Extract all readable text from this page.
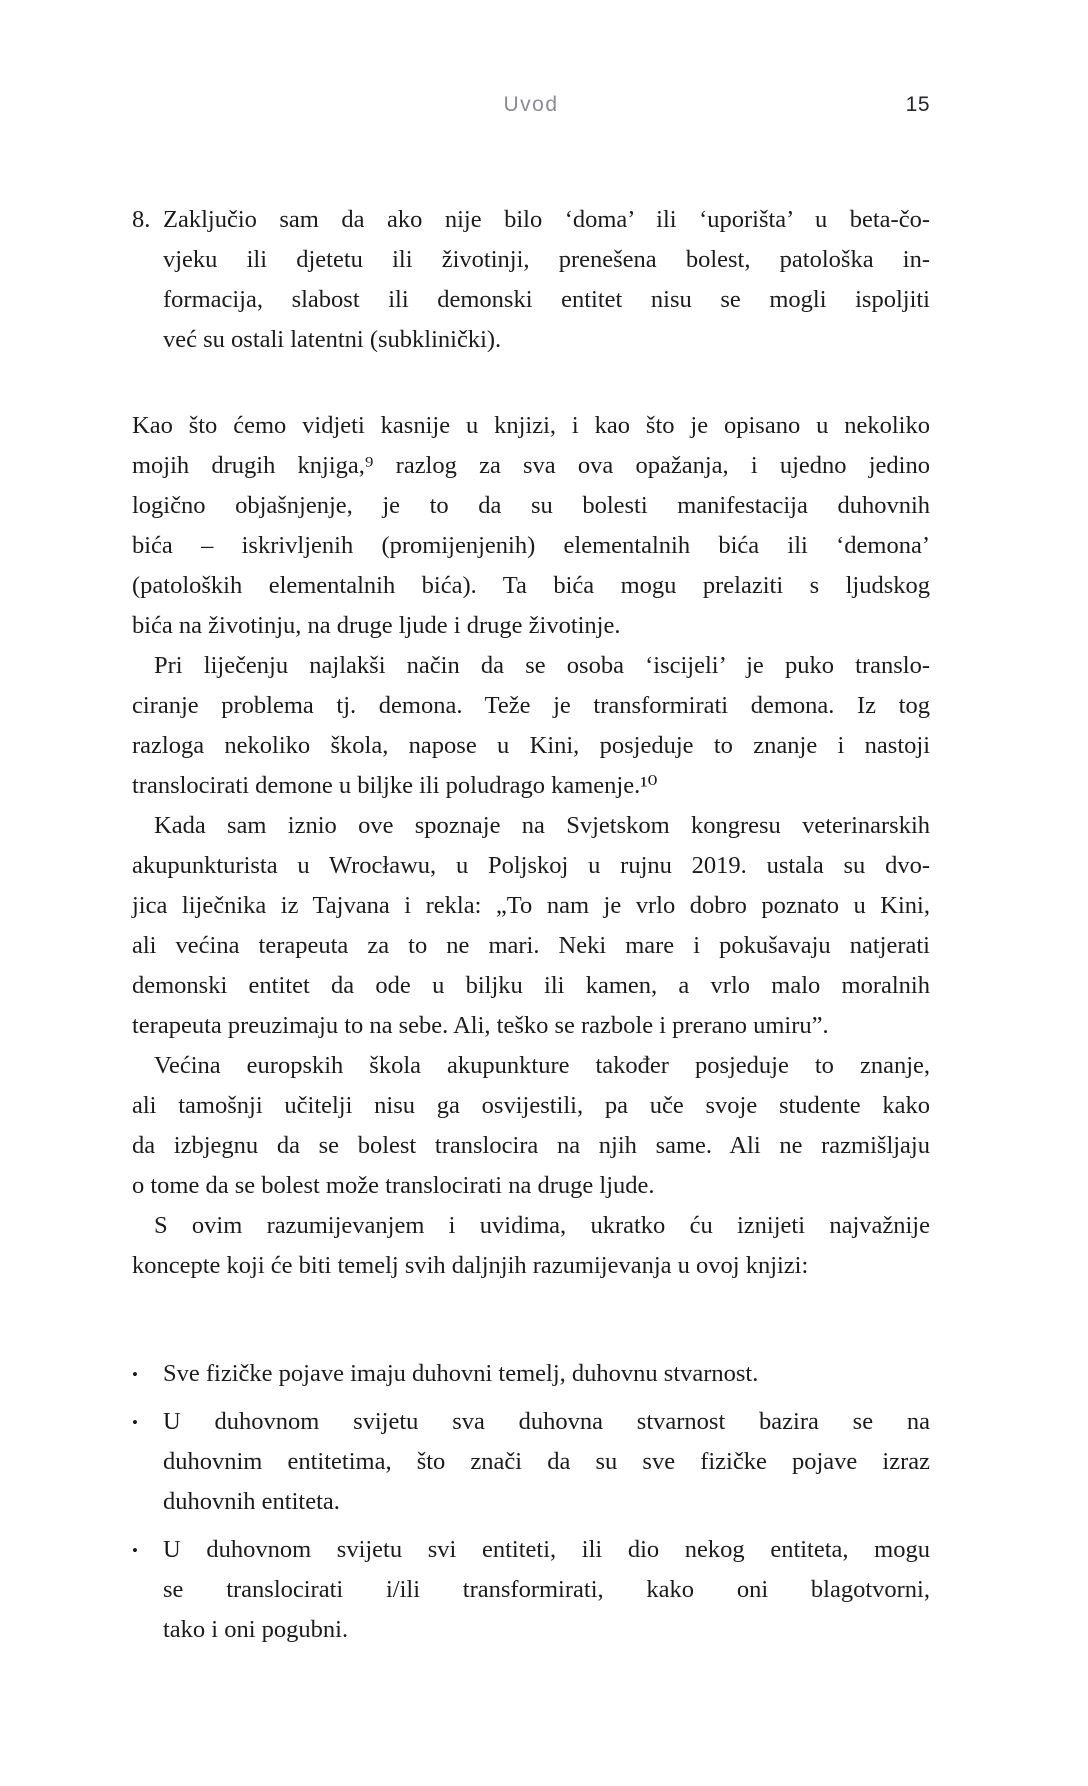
Uvod	15
8. Zaključio sam da ako nije bilo ‘doma’ ili ‘uporišta’ u beta-čo-
vjeku ili djetetu ili životinji, prenešena bolest, patološka in-
formacija, slabost ili demonski entitet nisu se mogli ispoljiti
već su ostali latentni (subklinički).
Kao što ćemo vidjeti kasnije u knjizi, i kao što je opisano u nekoliko
mojih drugih knjiga,⁹ razlog za sva ova opažanja, i ujedno jedino
logično objašnjenje, je to da su bolesti manifestacija duhovnih
bića – iskrivljenih (promijenjenih) elementalnih bića ili ‘demona’
(patoloških elementalnih bića). Ta bića mogu prelaziti s ljudskog
bića na životinju, na druge ljude i druge životinje.
Pri liječenju najlakši način da se osoba ‘iscijeli’ je puko translo-
ciranje problema tj. demona. Teže je transformirati demona. Iz tog
razloga nekoliko škola, napose u Kini, posjeduje to znanje i nastoji
translocirati demone u biljke ili poludrago kamenje.¹⁰
Kada sam iznio ove spoznaje na Svjetskom kongresu veterinarskih
akupunkturista u Wrocławu, u Poljskoj u rujnu 2019. ustala su dvo-
jica liječnika iz Tajvana i rekla: „To nam je vrlo dobro poznato u Kini,
ali većina terapeuta za to ne mari. Neki mare i pokušavaju natjerati
demonski entitet da ode u biljku ili kamen, a vrlo malo moralnih
terapeuta preuzimaju to na sebe. Ali, teško se razbole i prerano umiru”.
Većina europskih škola akupunkture također posjeduje to znanje,
ali tamošnji učitelji nisu ga osvijestili, pa uče svoje studente kako
da izbjegnu da se bolest translocira na njih same. Ali ne razmišljaju
o tome da se bolest može translocirati na druge ljude.
S ovim razumijevanjem i uvidima, ukratko ću iznijeti najvažnije
koncepte koji će biti temelj svih daljnjih razumijevanja u ovoj knjizi:
• Sve fizičke pojave imaju duhovni temelj, duhovnu stvarnost.
• U duhovnom svijetu sva duhovna stvarnost bazira se na
duhovnim entitetima, što znači da su sve fizičke pojave izraz
duhovnih entiteta.
• U duhovnom svijetu svi entiteti, ili dio nekog entiteta, mogu
se translocirati i/ili transformirati, kako oni blagotvorni,
tako i oni pogubni.
